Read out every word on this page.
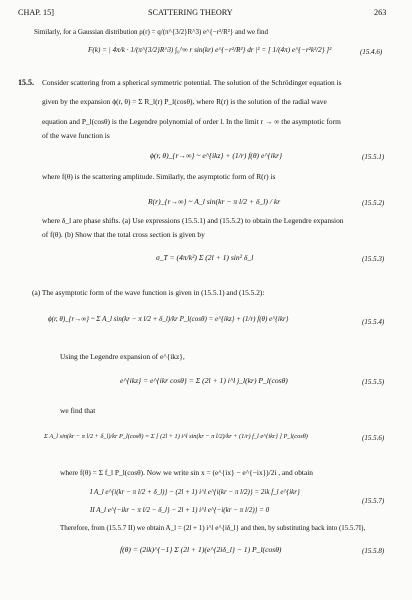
CHAP. 15]	SCATTERING THEORY	263
Similarly, for a Gaussian distribution ρ(r) = q/(π^{3/2}R^3) e^{−r²/R²} and we find
F(k) = | 4π/k · 1/(π^{3/2}R^3) ∫₀^∞ r sin(kr) e^{−r²/R²} dr |² = [ 1/(4π) e^{−r²k²/2} ]²	(15.4.6)
15.5. Consider scattering from a spherical symmetric potential. The solution of the Schrödinger equation is
given by the expansion ϕ(r, θ) = Σ R_l(r) P_l(cosθ), where R(r) is the solution of the radial wave
equation and P_l(cosθ) is the Legendre polynomial of order l. In the limit r → ∞ the asymptotic form
of the wave function is
ϕ(r, θ)_{r→∞} ~ e^{ikz} + (1/r) f(θ) e^{ikr}	(15.5.1)
where f(θ) is the scattering amplitude. Similarly, the asymptotic form of R(r) is
R(r)_{r→∞} ~ A_l sin(kr − π l/2 + δ_l) / kr	(15.5.2)
where δ_l are phase shifts. (a) Use expressions (15.5.1) and (15.5.2) to obtain the Legendre expansion
of f(θ). (b) Show that the total cross section is given by
σ_T = (4π/k²) Σ (2l + 1) sin² δ_l	(15.5.3)
(a) The asymptotic form of the wave function is given in (15.5.1) and (15.5.2):
ϕ(r, θ)_{r→∞} ~ Σ A_l sin(kr − π l/2 + δ_l)/kr P_l(cosθ) = e^{ikz} + (1/r) f(θ) e^{ikr}	(15.5.4)
Using the Legendre expansion of e^{ikz},
e^{ikz} = e^{ikr cosθ} = Σ (2l + 1) i^l j_l(kr) P_l(cosθ)	(15.5.5)
we find that
Σ A_l sin(kr − π l/2 + δ_l)/kr P_l(cosθ) = Σ [ (2l + 1) i^l sin(kr − π l/2)/kr + (1/r) f_l e^{ikr} ] P_l(cosθ)	(15.5.6)
where f(θ) = Σ f_l P_l(cosθ). Now we write sin x = (e^{ix} − e^{−ix})/2i , and obtain
I A_l e^{i(kr − π l/2 + δ_l)} − (2l + 1) i^l e^{i(kr − π l/2)} = 2ik f_l e^{ikr}
II A_l e^{−ikr − π l/2 − δ_l} − 2l + 1) i^l e^{−i(kr − π l/2)} = 0
(15.5.7)
Therefore, from (15.5.7 II) we obtain A_l = (2l + 1) i^l e^{iδ_l} and then, by substituting back into (15.5.7I),
f(θ) = (2ik)^{−1} Σ (2l + 1)(e^{2iδ_l} − 1) P_l(cosθ)	(15.5.8)
